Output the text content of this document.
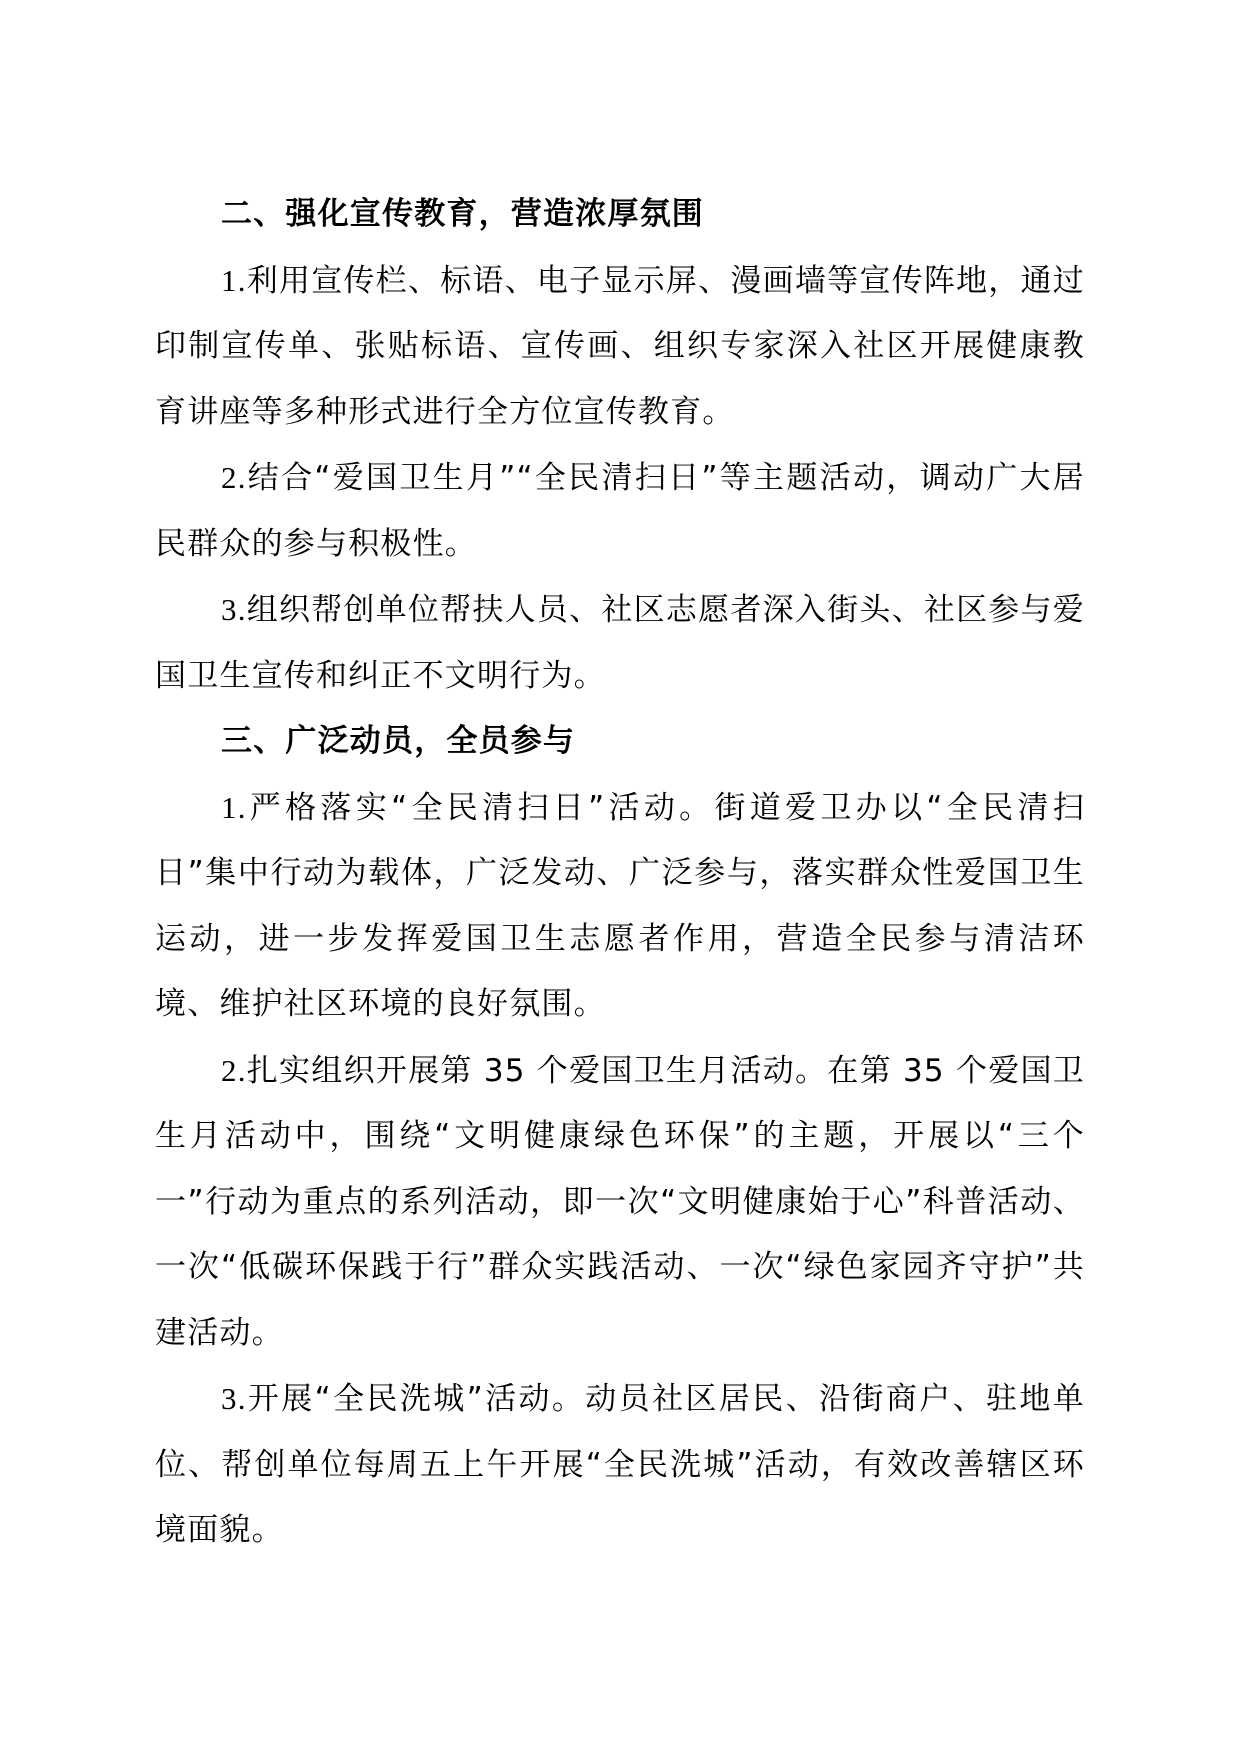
二、强化宣传教育，营造浓厚氛围

1.利用宣传栏、标语、电子显示屏、漫画墙等宣传阵地，通过印制宣传单、张贴标语、宣传画、组织专家深入社区开展健康教育讲座等多种形式进行全方位宣传教育。

2.结合“爱国卫生月”“全民清扫日”等主题活动，调动广大居民群众的参与积极性。

3.组织帮创单位帮扶人员、社区志愿者深入街头、社区参与爱国卫生宣传和纠正不文明行为。

三、广泛动员，全员参与

1.严格落实“全民清扫日”活动。街道爱卫办以“全民清扫日”集中行动为载体，广泛发动、广泛参与，落实群众性爱国卫生运动，进一步发挥爱国卫生志愿者作用，营造全民参与清洁环境、维护社区环境的良好氛围。

2.扎实组织开展第 35 个爱国卫生月活动。在第 35 个爱国卫生月活动中，围绕“文明健康绿色环保”的主题，开展以“三个一”行动为重点的系列活动，即一次“文明健康始于心”科普活动、一次“低碳环保践于行”群众实践活动、一次“绿色家园齐守护”共建活动。

3.开展“全民洗城”活动。动员社区居民、沿街商户、驻地单位、帮创单位每周五上午开展“全民洗城”活动，有效改善辖区环境面貌。
